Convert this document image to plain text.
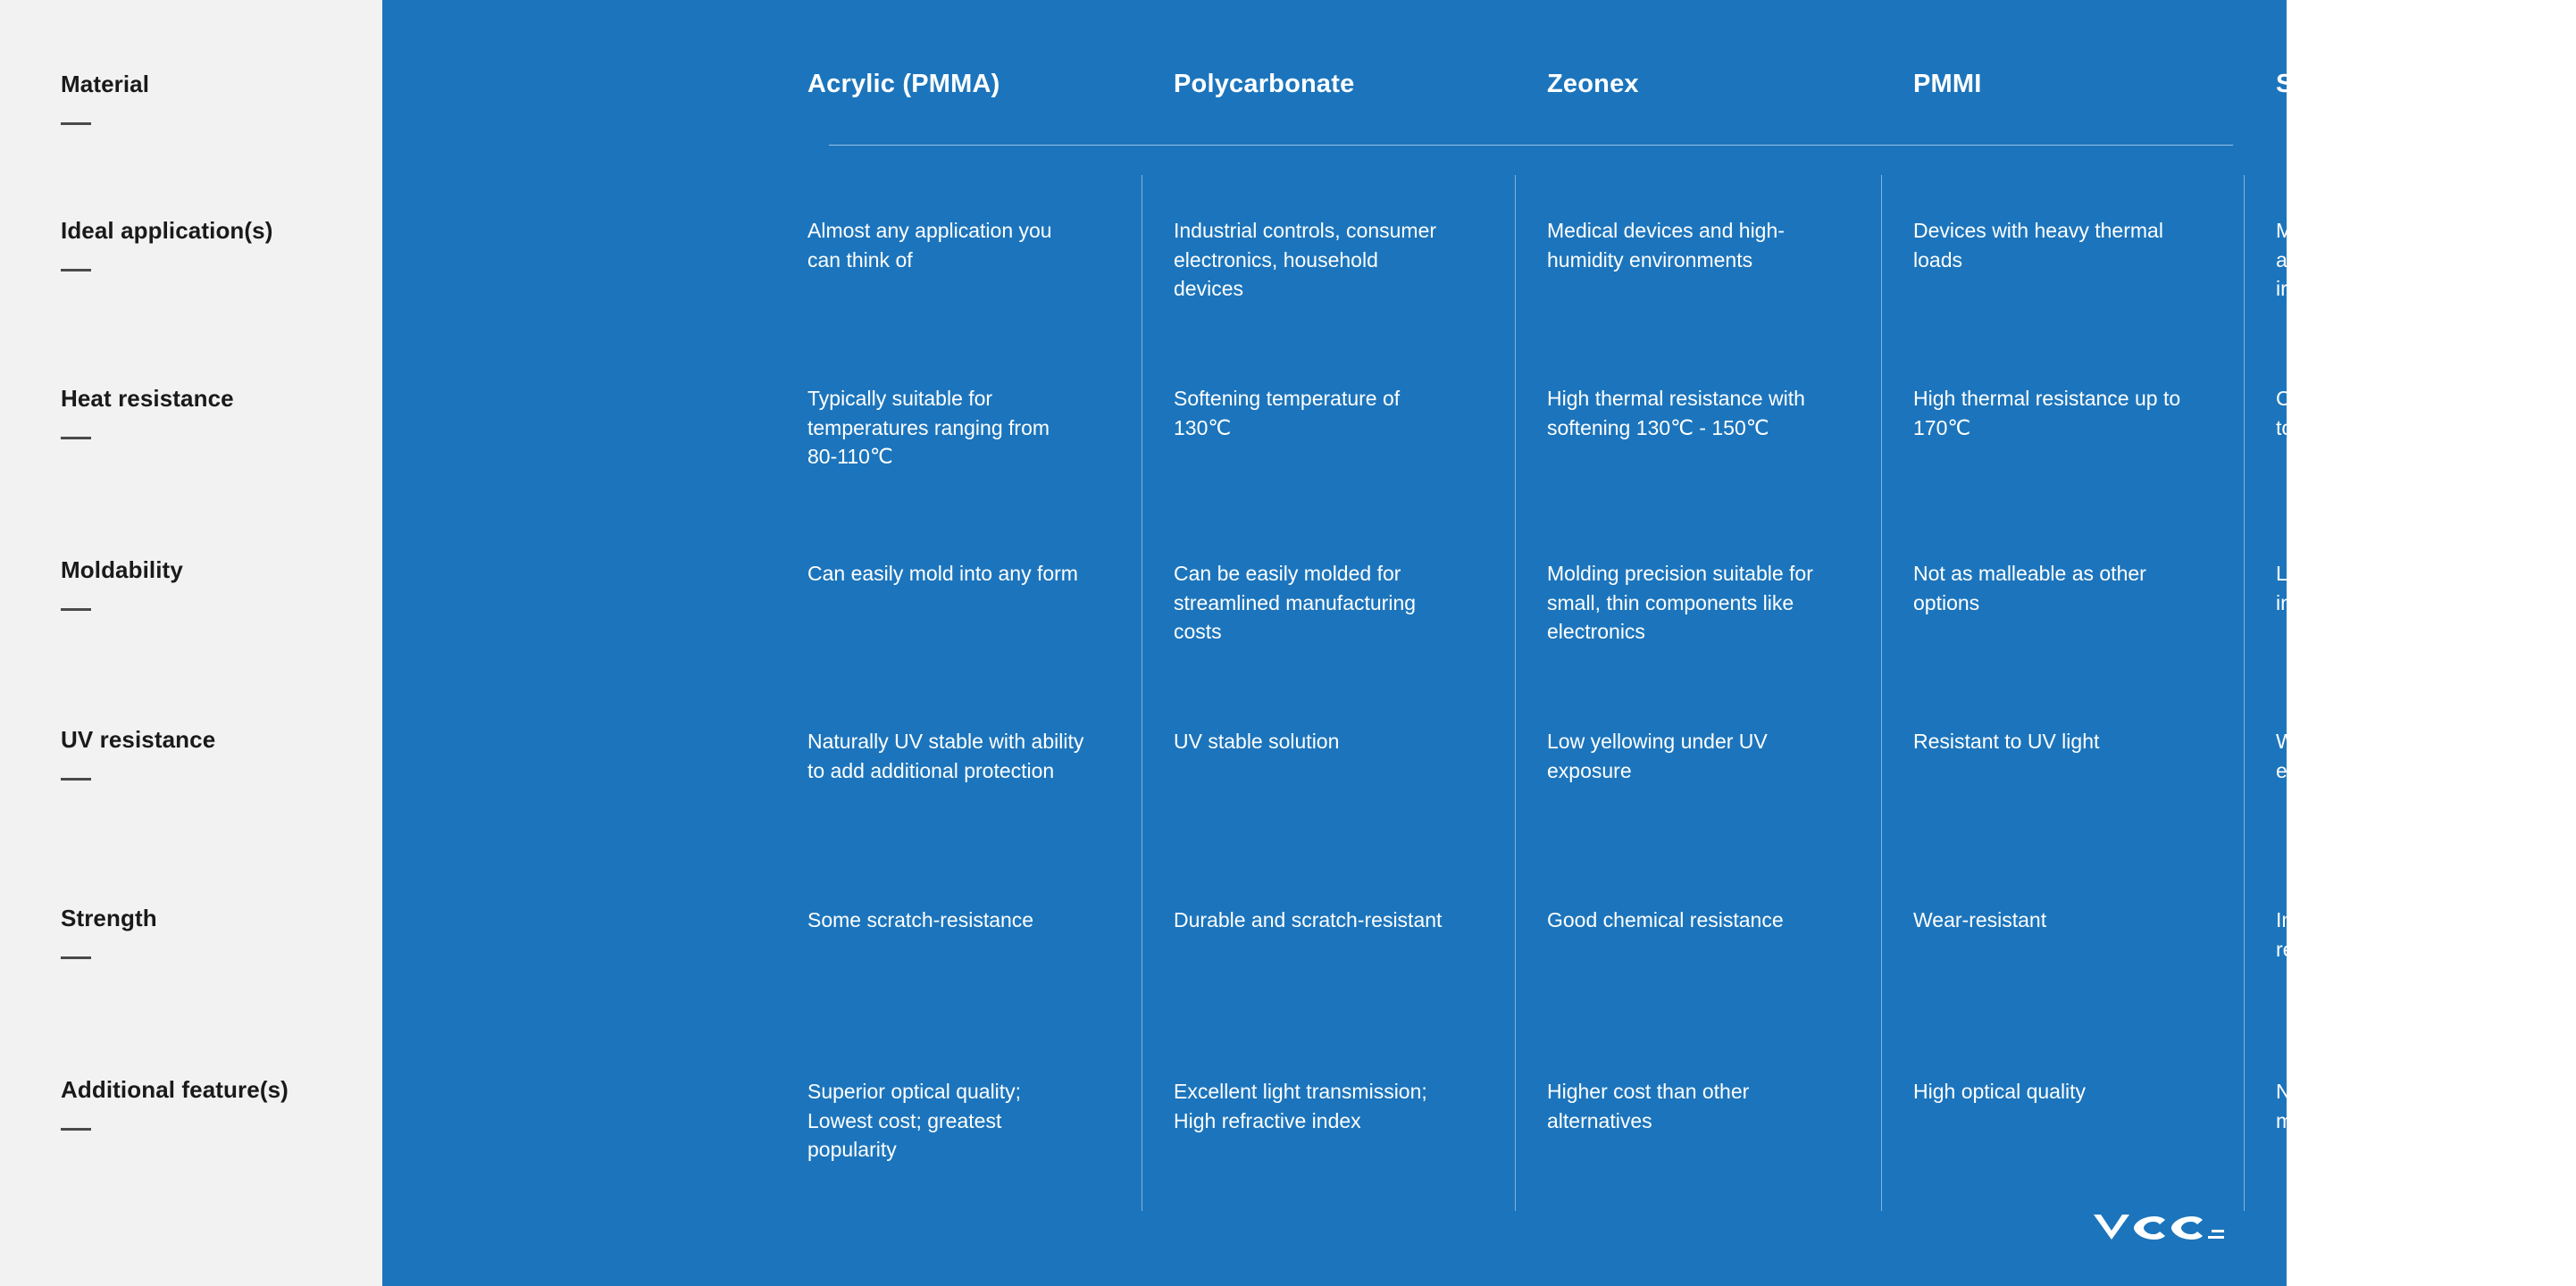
Material
Ideal application(s)
Heat resistance
Moldability
UV resistance
Strength
Additional feature(s)
Acrylic (PMMA)
Almost any application you can think of
Typically suitable for temperatures ranging from 80-110℃
Can easily mold into any form
Naturally UV stable with ability to add additional protection
Some scratch-resistance
Superior optical quality; Lowest cost; greatest popularity
Polycarbonate
Industrial controls, consumer electronics, household devices
Softening temperature of 130℃
Can be easily molded for streamlined manufacturing costs
UV stable solution
Durable and scratch-resistant
Excellent light transmission; High refractive index
Zeonex
Medical devices and high-humidity environments
High thermal resistance with softening 130℃ - 150℃
Molding precision suitable for small, thin components like electronics
Low yellowing under UV exposure
Good chemical resistance
Higher cost than other alternatives
PMMI
Devices with heavy thermal loads
High thermal resistance up to 170℃
Not as malleable as other options
Resistant to UV light
Wear-resistant
High optical quality
Silicone Resins
Medical applications due to ability to touch skin without irritating it
Can withstand high temps up to 150℃
Low viscosity suitable for intricate shapes
Won’t yellow with intense UV exposure
Impact and chemical resistance
Not as widespread as other materials
